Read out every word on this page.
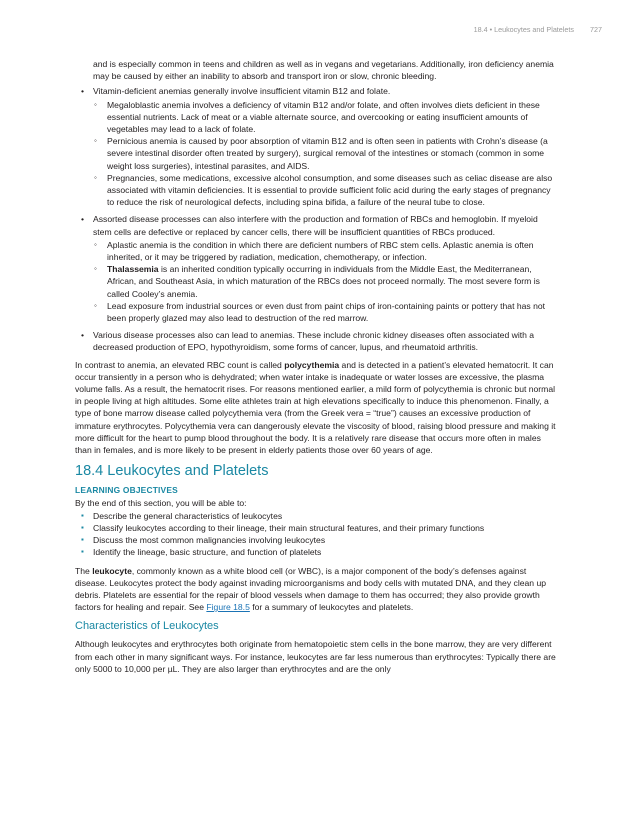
18.4 • Leukocytes and Platelets 727

and is especially common in teens and children as well as in vegans and vegetarians. Additionally, iron deficiency anemia may be caused by either an inability to absorb and transport iron or slow, chronic bleeding.

• Vitamin-deficient anemias generally involve insufficient vitamin B12 and folate.
◦ Megaloblastic anemia involves a deficiency of vitamin B12 and/or folate, and often involves diets deficient in these essential nutrients. Lack of meat or a viable alternate source, and overcooking or eating insufficient amounts of vegetables may lead to a lack of folate.
◦ Pernicious anemia is caused by poor absorption of vitamin B12 and is often seen in patients with Crohn’s disease (a severe intestinal disorder often treated by surgery), surgical removal of the intestines or stomach (common in some weight loss surgeries), intestinal parasites, and AIDS.
◦ Pregnancies, some medications, excessive alcohol consumption, and some diseases such as celiac disease are also associated with vitamin deficiencies. It is essential to provide sufficient folic acid during the early stages of pregnancy to reduce the risk of neurological defects, including spina bifida, a failure of the neural tube to close.
• Assorted disease processes can also interfere with the production and formation of RBCs and hemoglobin. If myeloid stem cells are defective or replaced by cancer cells, there will be insufficient quantities of RBCs produced.
◦ Aplastic anemia is the condition in which there are deficient numbers of RBC stem cells. Aplastic anemia is often inherited, or it may be triggered by radiation, medication, chemotherapy, or infection.
◦ Thalassemia is an inherited condition typically occurring in individuals from the Middle East, the Mediterranean, African, and Southeast Asia, in which maturation of the RBCs does not proceed normally. The most severe form is called Cooley’s anemia.
◦ Lead exposure from industrial sources or even dust from paint chips of iron-containing paints or pottery that has not been properly glazed may also lead to destruction of the red marrow.
• Various disease processes also can lead to anemias. These include chronic kidney diseases often associated with a decreased production of EPO, hypothyroidism, some forms of cancer, lupus, and rheumatoid arthritis.

In contrast to anemia, an elevated RBC count is called polycythemia and is detected in a patient’s elevated hematocrit. It can occur transiently in a person who is dehydrated; when water intake is inadequate or water losses are excessive, the plasma volume falls. As a result, the hematocrit rises. For reasons mentioned earlier, a mild form of polycythemia is chronic but normal in people living at high altitudes. Some elite athletes train at high elevations specifically to induce this phenomenon. Finally, a type of bone marrow disease called polycythemia vera (from the Greek vera = “true”) causes an excessive production of immature erythrocytes. Polycythemia vera can dangerously elevate the viscosity of blood, raising blood pressure and making it more difficult for the heart to pump blood throughout the body. It is a relatively rare disease that occurs more often in males than in females, and is more likely to be present in elderly patients those over 60 years of age.

18.4 Leukocytes and Platelets
LEARNING OBJECTIVES

By the end of this section, you will be able to:

▪ Describe the general characteristics of leukocytes
▪ Classify leukocytes according to their lineage, their main structural features, and their primary functions
▪ Discuss the most common malignancies involving leukocytes
▪ Identify the lineage, basic structure, and function of platelets

The leukocyte, commonly known as a white blood cell (or WBC), is a major component of the body’s defenses against disease. Leukocytes protect the body against invading microorganisms and body cells with mutated DNA, and they clean up debris. Platelets are essential for the repair of blood vessels when damage to them has occurred; they also provide growth factors for healing and repair. See Figure 18.5 for a summary of leukocytes and platelets.

Characteristics of Leukocytes

Although leukocytes and erythrocytes both originate from hematopoietic stem cells in the bone marrow, they are very different from each other in many significant ways. For instance, leukocytes are far less numerous than erythrocytes: Typically there are only 5000 to 10,000 per µL. They are also larger than erythrocytes and are the only
